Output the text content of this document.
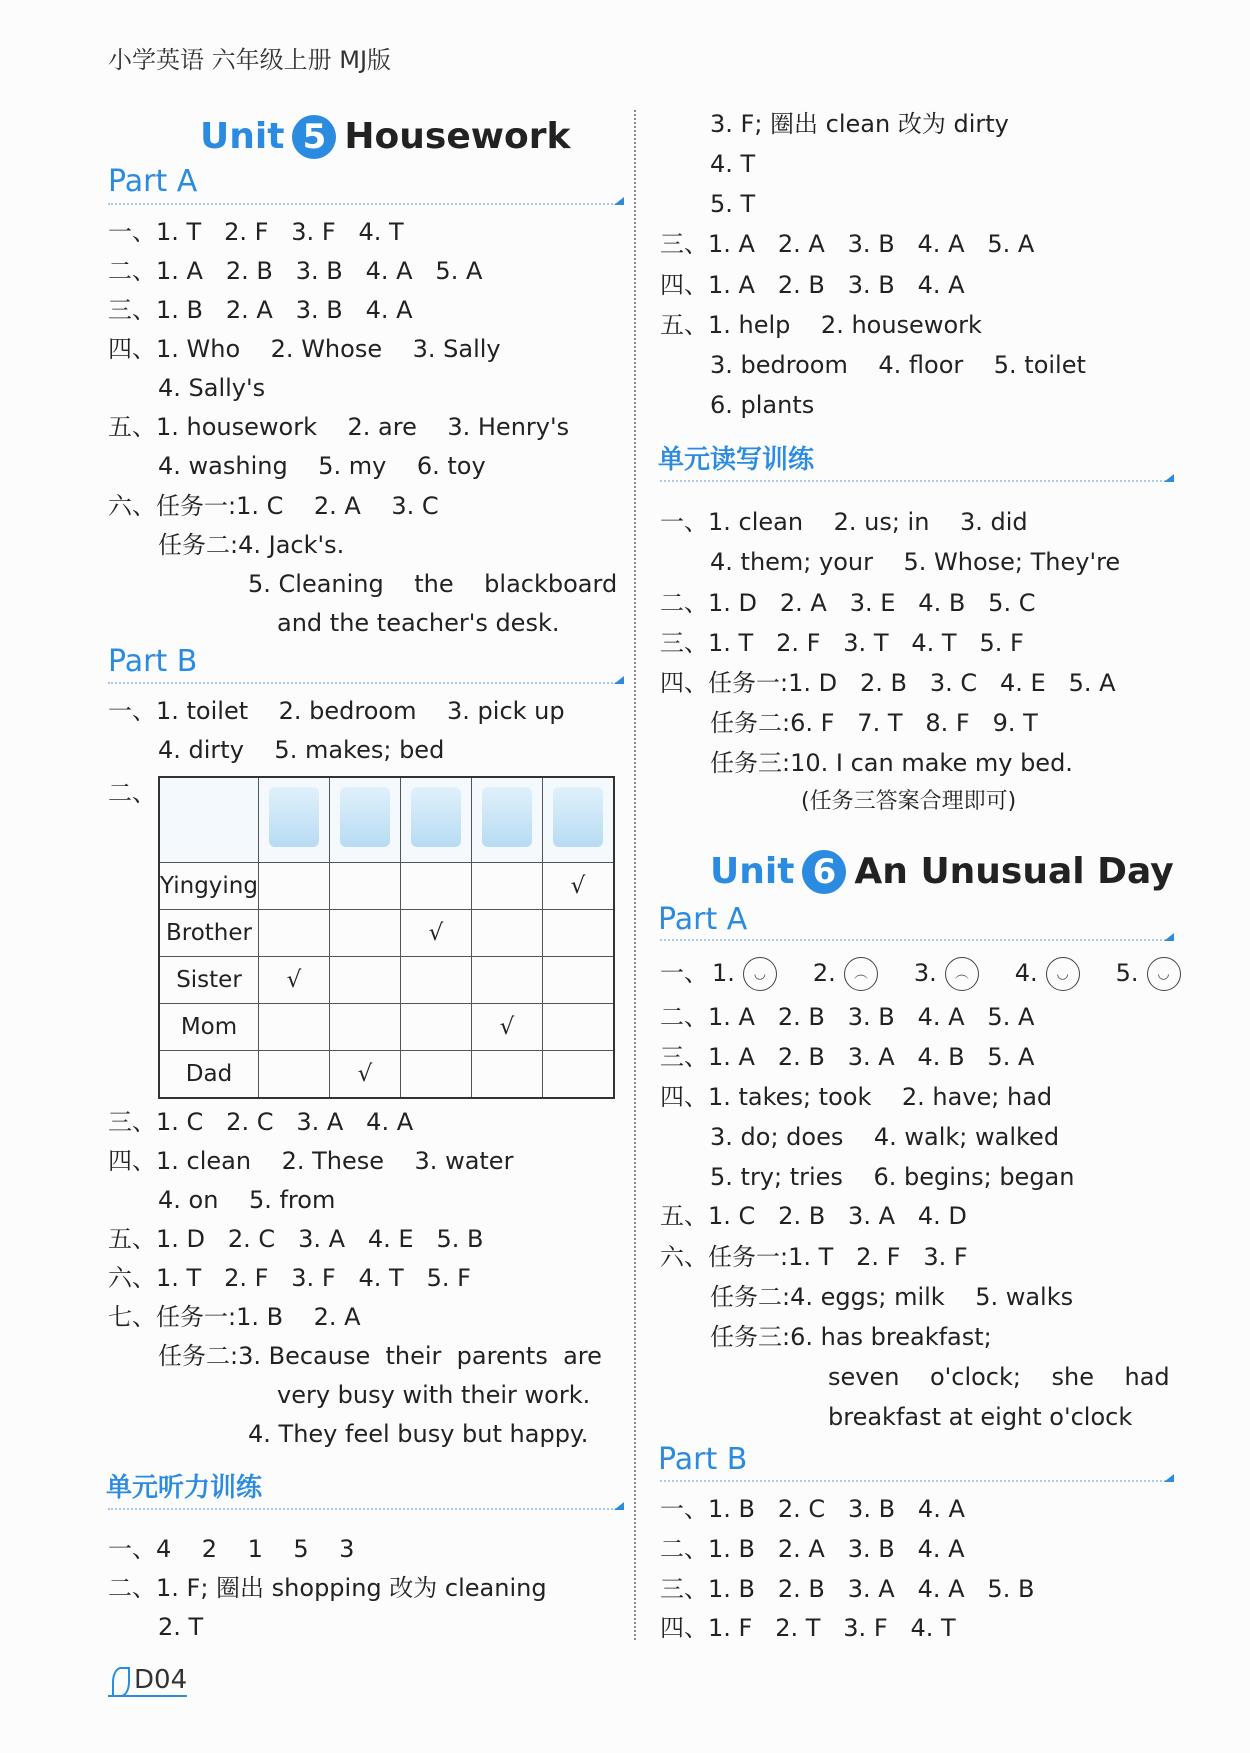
小学英语 六年级上册 MJ版
Unit 5 Housework
Part A
Part B
单元听力训练
二、

Yingying					√
Brother			√		
Sister	√				
Mom				√	
Dad		√			
单元读写训练
Unit 6 An Unusual Day
Part A
Part B
一、 1. ◡ 2. ︵ 3. ︵ 4. ◡ 5. ◡
D04
一、1. T   2. F   3. F   4. T
二、1. A   2. B   3. B   4. A   5. A
三、1. B   2. A   3. B   4. A
四、1. Who    2. Whose    3. Sally
4. Sally's
五、1. housework    2. are    3. Henry's
4. washing    5. my    6. toy
六、任务一:1. C    2. A    3. C
任务二:4. Jack's.
5. Cleaning    the    blackboard
and the teacher's desk.
一、1. toilet    2. bedroom    3. pick up
4. dirty    5. makes; bed
三、1. C   2. C   3. A   4. A
四、1. clean    2. These    3. water
4. on    5. from
五、1. D   2. C   3. A   4. E   5. B
六、1. T   2. F   3. F   4. T   5. F
七、任务一:1. B    2. A
任务二:3. Because  their  parents  are
very busy with their work.
4. They feel busy but happy.
一、4    2    1    5    3
二、1. F; 圈出 shopping 改为 cleaning
2. T
3. F; 圈出 clean 改为 dirty
4. T
5. T
三、1. A   2. A   3. B   4. A   5. A
四、1. A   2. B   3. B   4. A
五、1. help    2. housework
3. bedroom    4. floor    5. toilet
6. plants
一、1. clean    2. us; in    3. did
4. them; your    5. Whose; They're
二、1. D   2. A   3. E   4. B   5. C
三、1. T   2. F   3. T   4. T   5. F
四、任务一:1. D   2. B   3. C   4. E   5. A
任务二:6. F   7. T   8. F   9. T
任务三:10. I can make my bed.
(任务三答案合理即可)
二、1. A   2. B   3. B   4. A   5. A
三、1. A   2. B   3. A   4. B   5. A
四、1. takes; took    2. have; had
3. do; does    4. walk; walked
5. try; tries    6. begins; began
五、1. C   2. B   3. A   4. D
六、任务一:1. T   2. F   3. F
任务二:4. eggs; milk    5. walks
任务三:6. has breakfast;
seven    o'clock;    she    had
breakfast at eight o'clock
一、1. B   2. C   3. B   4. A
二、1. B   2. A   3. B   4. A
三、1. B   2. B   3. A   4. A   5. B
四、1. F   2. T   3. F   4. T
